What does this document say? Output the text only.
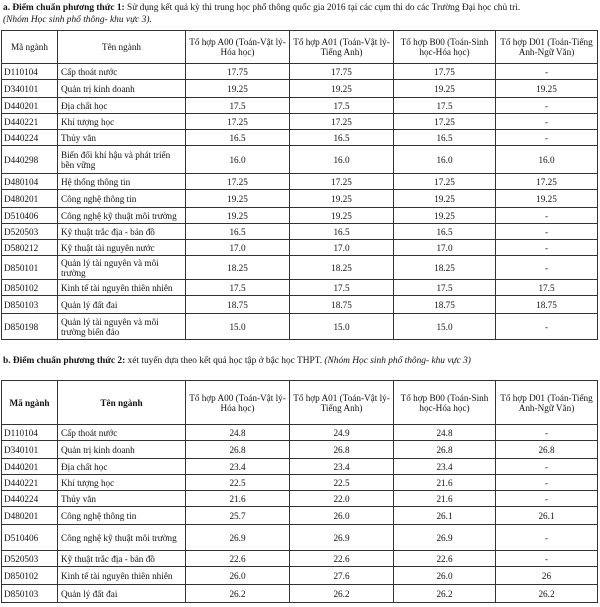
a. Điểm chuẩn phương thức 1: Sử dụng kết quả kỳ thi trung học phổ thông quốc gia 2016 tại các cụm thi do các Trường Đại học chủ trì.
(Nhóm Học sinh phổ thông- khu vực 3).
Mã ngành	Tên ngành	Tổ hợp A00 (Toán-Vật lý-Hóa học)	Tổ hợp A01 (Toán-Vật lý-Tiếng Anh)	Tổ hợp B00 (Toán-Sinh học-Hóa học)	Tổ hợp D01 (Toán-Tiếng Anh-Ngữ Văn)
D110104	Cấp thoát nước	17.75	17.75	17.75	-
D340101	Quản trị kinh doanh	19.25	19.25	19.25	19.25
D440201	Địa chất học	17.5	17.5	17.5	-
D440221	Khí tượng học	17.25	17.25	17.25	-
D440224	Thủy văn	16.5	16.5	16.5	-
D440298	Biến đổi khí hậu và phát triển bền vững	16.0	16.0	16.0	16.0
D480104	Hệ thống thông tin	17.25	17.25	17.25	17.25
D480201	Công nghệ thông tin	19.25	19.25	19.25	19.25
D510406	Công nghệ kỹ thuật môi trường	19.25	19.25	19.25	-
D520503	Kỹ thuật trắc địa - bản đồ	16.5	16.5	16.5	-
D580212	Kỹ thuật tài nguyên nước	17.0	17.0	17.0	-
D850101	Quản lý tài nguyên và môi trường	18.25	18.25	18.25	-
D850102	Kinh tế tài nguyên thiên nhiên	17.5	17.5	17.5	17.5
D850103	Quản lý đất đai	18.75	18.75	18.75	18.75
D850198	Quản lý tài nguyên và môi trường biển đảo	15.0	15.0	15.0	-
b. Điểm chuẩn phương thức 2: xét tuyển dựa theo kết quả học tập ở bậc học THPT. (Nhóm Học sinh phổ thông- khu vực 3)
Mã ngành	Tên ngành	Tổ hợp A00 (Toán-Vật lý-Hóa học)	Tổ hợp A01 (Toán-Vật lý-Tiếng Anh)	Tổ hợp B00 (Toán-Sinh học-Hóa học)	Tổ hợp D01 (Toán-Tiếng Anh-Ngữ Văn)
D110104	Cấp thoát nước	24.8	24.9	24.8	-
D340101	Quản trị kinh doanh	26.8	26.8	26.8	26.8
D440201	Địa chất học	23.4	23.4	23.4	-
D440221	Khí tượng học	22.5	22.5	21.6	-
D440224	Thủy văn	21.6	22.0	21.6	-
D480201	Công nghệ thông tin	25.7	26.0	26.1	26.1
D510406	Công nghệ kỹ thuật môi trường	26.9	26.9	26.9	-
D520503	Kỹ thuật trắc địa - bản đồ	22.6	22.6	22.6	-
D850102	Kinh tế tài nguyên thiên nhiên	26.0	27.6	26.0	26
D850103	Quản lý đất đai	26.2	26.2	26.2	26.2
